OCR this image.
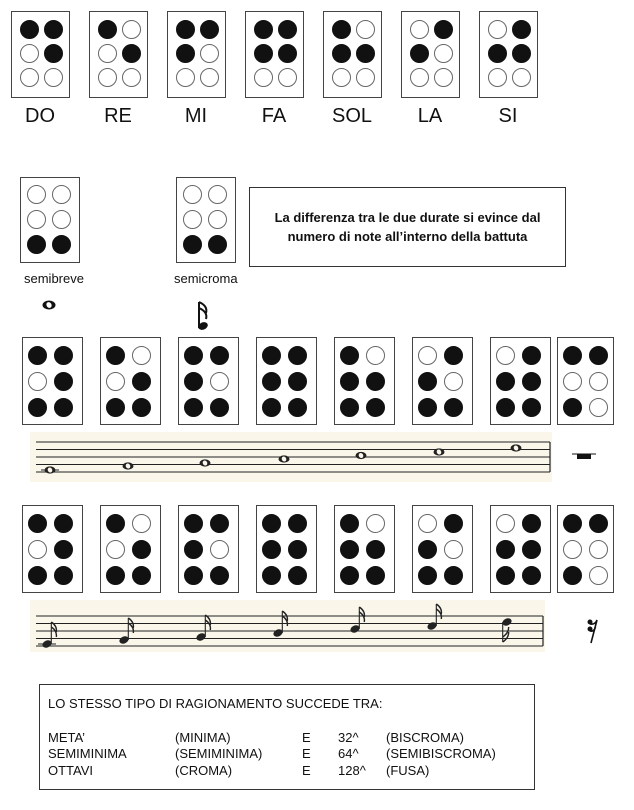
DO	RE	MI	FA	SOL	LA	SI
semibreve	semicroma
La differenza tra le due durate si evince dal numero di note all’interno della battuta
LO STESSO TIPO DI RAGIONAMENTO SUCCEDE TRA:
META’	(MINIMA)	E 32^ (BISCROMA)
SEMIMINIMA	(SEMIMINIMA)	E 64^ (SEMIBISCROMA)
OTTAVI	(CROMA)	E 128^ (FUSA)
